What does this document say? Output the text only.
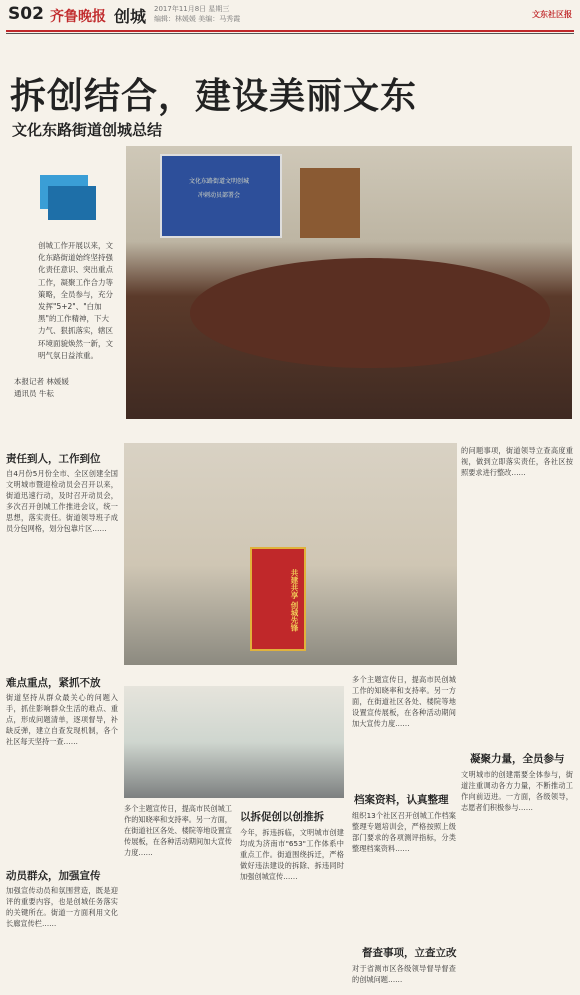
S02 齐鲁晚报 创城 2017年11月8日 星期三
编辑：林媛媛 美编：马秀霞	文东社区报
拆创结合，建设美丽文东
文化东路街道创城总结
创城工作开展以来，文化东路街道始终坚持强化责任意识、突出重点工作，凝聚工作合力等策略，全员参与，充分发挥"5+2"、"白加黑"的工作精神，下大力气、狠抓落实，辖区环境面貌焕然一新，文明气氛日益浓重。
本报记者 林媛媛
通讯员 牛耘
文化东路街道文明创城
冲刺动员部署会
责任到人，工作到位
自4月份5月份全市、全区创建全国文明城市暨迎检动员会召开以来，街道迅速行动，及时召开动员会，多次召开创城工作推进会议，统一思想，落实责任。街道领导班子成员分包网格，划分包靠片区……
难点重点，紧抓不放
街道坚持从群众最关心的问题入手，抓住影响群众生活的难点、重点，形成问题清单，逐项督导，补缺反弹，建立自查发现机制，各个社区每天坚持一查……
动员群众，加强宣传
加强宣传动员和氛围营造，既是迎评的重要内容，也是创城任务落实的关键所在。街道一方面利用文化长廊宣传栏……
共建共享 创城先锋
多个主题宣传日，提高市民创城工作的知晓率和支持率。另一方面，在街道社区各处、楼院等地设置宣传展板，在各种活动期间加大宣传力度……
以拆促创以创推拆
今年，拆违拆临，文明城市创建均成为济南市"653"工作体系中重点工作。街道围绕拆迁，严格做好违法建设的拆除、拆违同时加强创城宣传……
多个主题宣传日，提高市民创城工作的知晓率和支持率。另一方面，在街道社区各处、楼院等地设置宣传展板，在各种活动期间加大宣传力度……
档案资料，认真整理
组织13个社区召开创城工作档案整理专题培训会，严格按照上级部门要求的各项测评指标，分类整理档案资料……
督查事项，立查立改
对于省测市区各级领导督导督查的创城问题……
的问题事项，街道领导立查高度重视，做到立即落实责任，各社区按照要求进行整改……
凝聚力量，全员参与
文明城市的创建需要全体参与，街道注重调动各方力量，不断推动工作向前迈进。一方面，各级领导，志愿者们积极参与……
